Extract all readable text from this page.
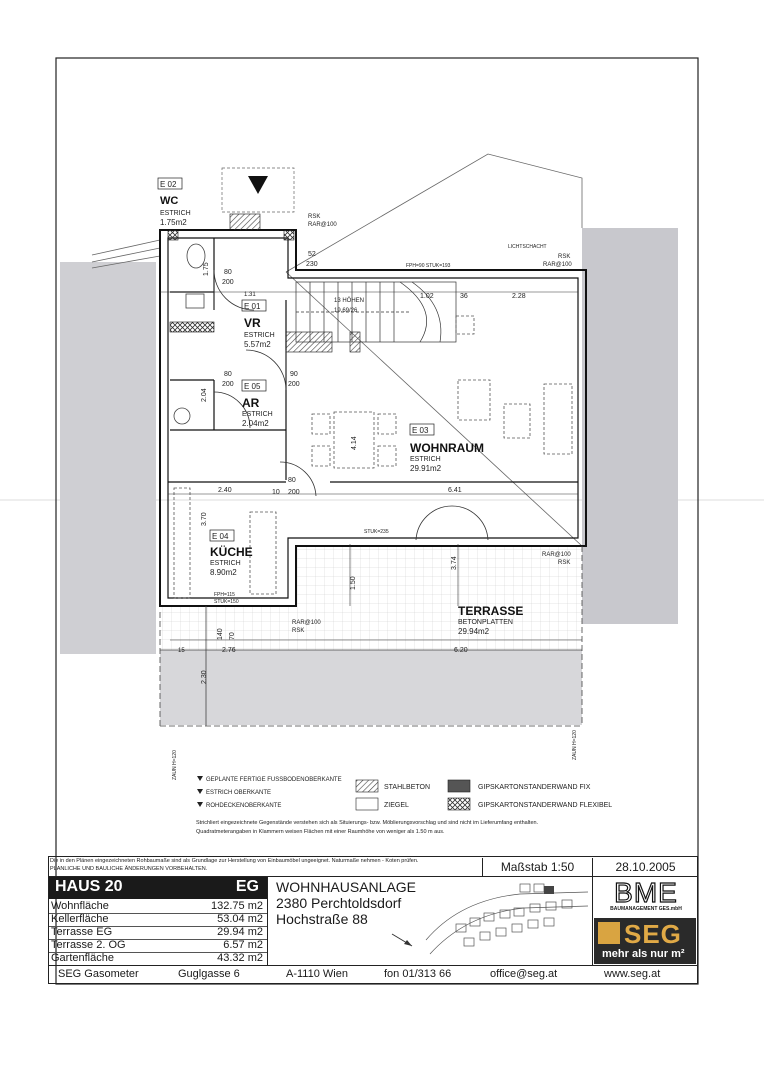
E 02
WC
ESTRICH
1.75m2
E 01
VR
ESTRICH
5.57m2
E 05
AR
ESTRICH
2.04m2
E 03
WOHNRAUM
ESTRICH
29.91m2
E 04
KÜCHE
ESTRICH
8.90m2
TERRASSE
BETONPLATTEN
29.94m2
RSK
RAR@100
LICHTSCHACHT
RSK
RAR@100
FPH=90 STUK=193
13 HÖHEN
19.69/26
STUK=235
RAR@100
RSK
FPH=115
STUK=150
RAR@100
RSK
ZAUN H=120
ZAUN H=120
2.40	6.41
2.28
80
200
80
200
90
200
80
200
52
230
1.31
2.76	6.20
15
2.30
1.50
3.74
3.70
4.14
1.75
2.04
1.02	36
140 70
10
GEPLANTE FERTIGE FUSSBODENOBERKANTE
ESTRICH OBERKANTE
ROHDECKENOBERKANTE
STAHLBETON
ZIEGEL
GIPSKARTONSTANDERWAND FIX
GIPSKARTONSTANDERWAND FLEXIBEL
Strichliert eingezeichnete Gegenstände verstehen sich als Situierungs- bzw. Möblierungsvorschlag und sind nicht im Lieferumfang enthalten.
Quadratmeterangaben in Klammern weisen Flächen mit einer Raumhöhe von weniger als 1.50 m aus.
Die in den Plänen eingezeichneten Rohbaumaße sind als Grundlage zur Herstellung von Einbaumöbel ungeeignet. Naturmaße nehmen - Koten prüfen.
PLANLICHE UND BAULICHE ÄNDERUNGEN VORBEHALTEN.	Maßstab 1:50	28.10.2005
HAUS 20	EG
Wohnfläche	132.75 m2
Kellerfläche	53.04 m2
Terrasse EG	29.94 m2
Terrasse 2. OG	6.57 m2
Gartenfläche	43.32 m2
WOHNHAUSANLAGE
2380 Perchtoldsdorf
Hochstraße 88
BME
BAUMANAGEMENT GES.mbH
SEG
mehr als nur m²
SEG Gasometer	Guglgasse 6	A-1110 Wien	fon 01/313 66	office@seg.at	www.seg.at
